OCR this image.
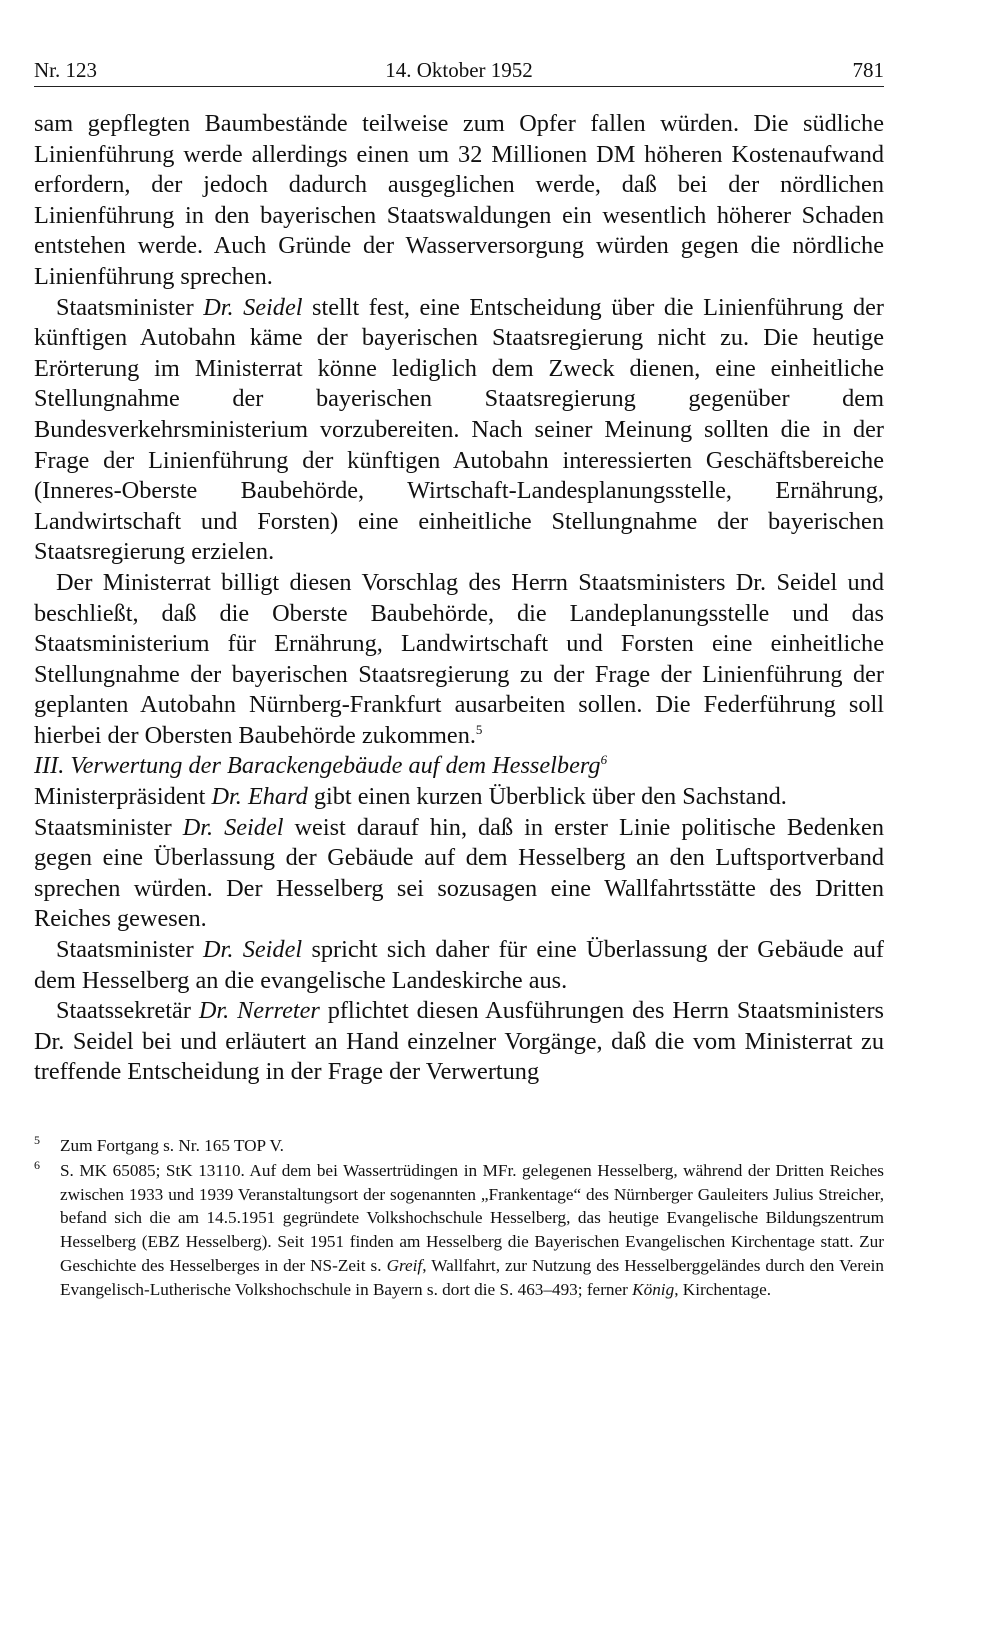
Nr. 123	14. Oktober 1952	781

sam gepflegten Baumbestände teilweise zum Opfer fallen würden. Die südliche Linienführung werde allerdings einen um 32 Millionen DM höheren Kostenaufwand erfordern, der jedoch dadurch ausgeglichen werde, daß bei der nördlichen Linienführung in den bayerischen Staatswaldungen ein wesentlich höherer Schaden entstehen werde. Auch Gründe der Wasserversorgung würden gegen die nördliche Linienführung sprechen.

Staatsminister Dr. Seidel stellt fest, eine Entscheidung über die Linienführung der künftigen Autobahn käme der bayerischen Staatsregierung nicht zu. Die heutige Erörterung im Ministerrat könne lediglich dem Zweck dienen, eine einheitliche Stellungnahme der bayerischen Staatsregierung gegenüber dem Bundesverkehrsministerium vorzubereiten. Nach seiner Meinung sollten die in der Frage der Linienführung der künftigen Autobahn interessierten Geschäftsbereiche (Inneres-Oberste Baubehörde, Wirtschaft-Landesplanungsstelle, Ernährung, Landwirtschaft und Forsten) eine einheitliche Stellungnahme der bayerischen Staatsregierung erzielen.

Der Ministerrat billigt diesen Vorschlag des Herrn Staatsministers Dr. Seidel und beschließt, daß die Oberste Baubehörde, die Landeplanungsstelle und das Staatsministerium für Ernährung, Landwirtschaft und Forsten eine einheitliche Stellungnahme der bayerischen Staatsregierung zu der Frage der Linienführung der geplanten Autobahn Nürnberg-Frankfurt ausarbeiten sollen. Die Federführung soll hierbei der Obersten Baubehörde zukommen.$^5$

III. Verwertung der Barackengebäude auf dem Hesselberg$^6$

Ministerpräsident Dr. Ehard gibt einen kurzen Überblick über den Sachstand.

Staatsminister Dr. Seidel weist darauf hin, daß in erster Linie politische Bedenken gegen eine Überlassung der Gebäude auf dem Hesselberg an den Luftsportverband sprechen würden. Der Hesselberg sei sozusagen eine Wallfahrtsstätte des Dritten Reiches gewesen.

Staatsminister Dr. Seidel spricht sich daher für eine Überlassung der Gebäude auf dem Hesselberg an die evangelische Landeskirche aus.

Staatssekretär Dr. Nerreter pflichtet diesen Ausführungen des Herrn Staatsministers Dr. Seidel bei und erläutert an Hand einzelner Vorgänge, daß die vom Ministerrat zu treffende Entscheidung in der Frage der Verwertung

5 Zum Fortgang s. Nr. 165 TOP V.
6 S. MK 65085; StK 13110. Auf dem bei Wassertrüdingen in MFr. gelegenen Hesselberg, während der Dritten Reiches zwischen 1933 und 1939 Veranstaltungsort der sogenannten „Frankentage“ des Nürnberger Gauleiters Julius Streicher, befand sich die am 14.5.1951 gegründete Volkshochschule Hesselberg, das heutige Evangelische Bildungszentrum Hesselberg (EBZ Hesselberg). Seit 1951 finden am Hesselberg die Bayerischen Evangelischen Kirchentage statt. Zur Geschichte des Hesselberges in der NS-Zeit s. Greif, Wallfahrt, zur Nutzung des Hesselberggeländes durch den Verein Evangelisch-Lutherische Volkshochschule in Bayern s. dort die S. 463–493; ferner König, Kirchentage.
